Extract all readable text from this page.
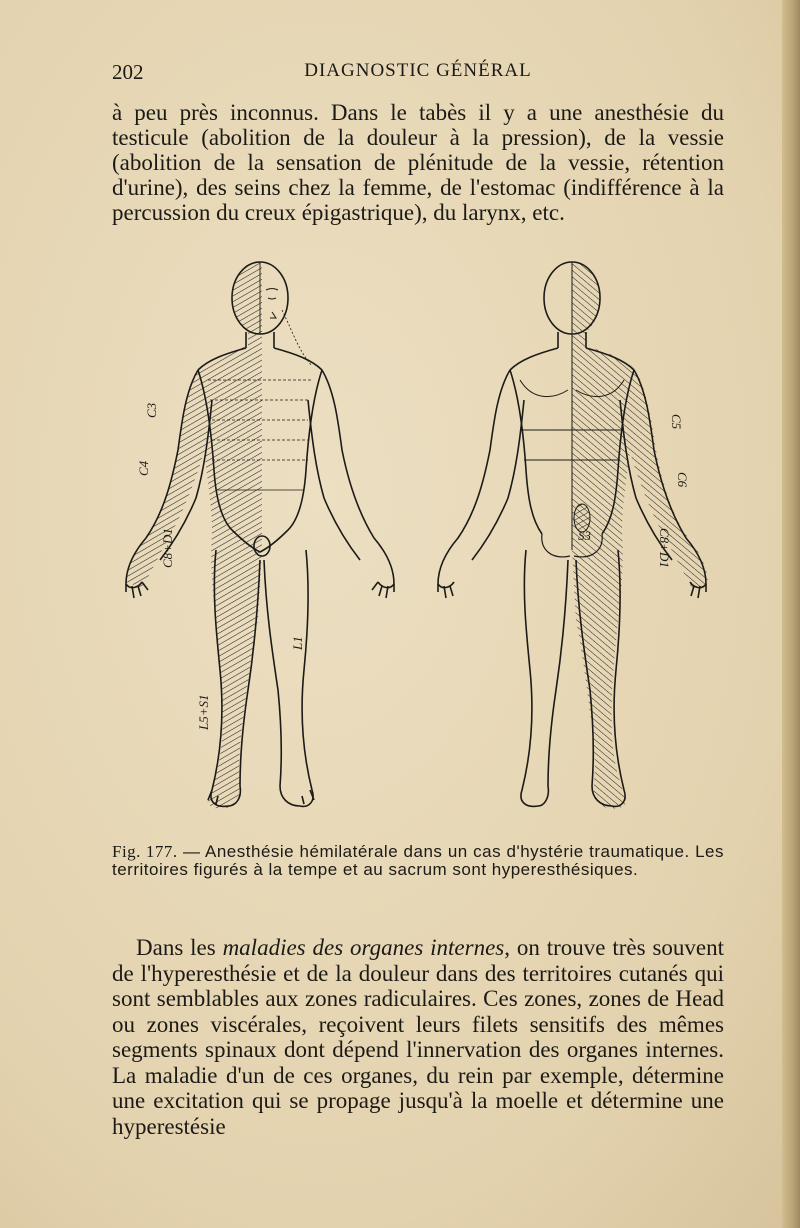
202	DIAGNOSTIC GÉNÉRAL

à peu près inconnus. Dans le tabès il y a une anesthésie du testicule (abolition de la douleur à la pression), de la vessie (abolition de la sensation de plénitude de la vessie, rétention d'urine), des seins chez la femme, de l'estomac (indifférence à la percussion du creux épigastrique), du larynx, etc.

C3
C4
C8+D1
L5+S1
L1
S3
C5
C6
C8+D1

Fig. 177. — Anesthésie hémilatérale dans un cas d'hystérie traumatique. Les territoires figurés à la tempe et au sacrum sont hyperesthésiques.

Dans les maladies des organes internes, on trouve très souvent de l'hyperesthésie et de la douleur dans des territoires cutanés qui sont semblables aux zones radiculaires. Ces zones, zones de Head ou zones viscérales, reçoivent leurs filets sensitifs des mêmes segments spinaux dont dépend l'innervation des organes internes. La maladie d'un de ces organes, du rein par exemple, détermine une excitation qui se propage jusqu'à la moelle et détermine une hyperestésie
